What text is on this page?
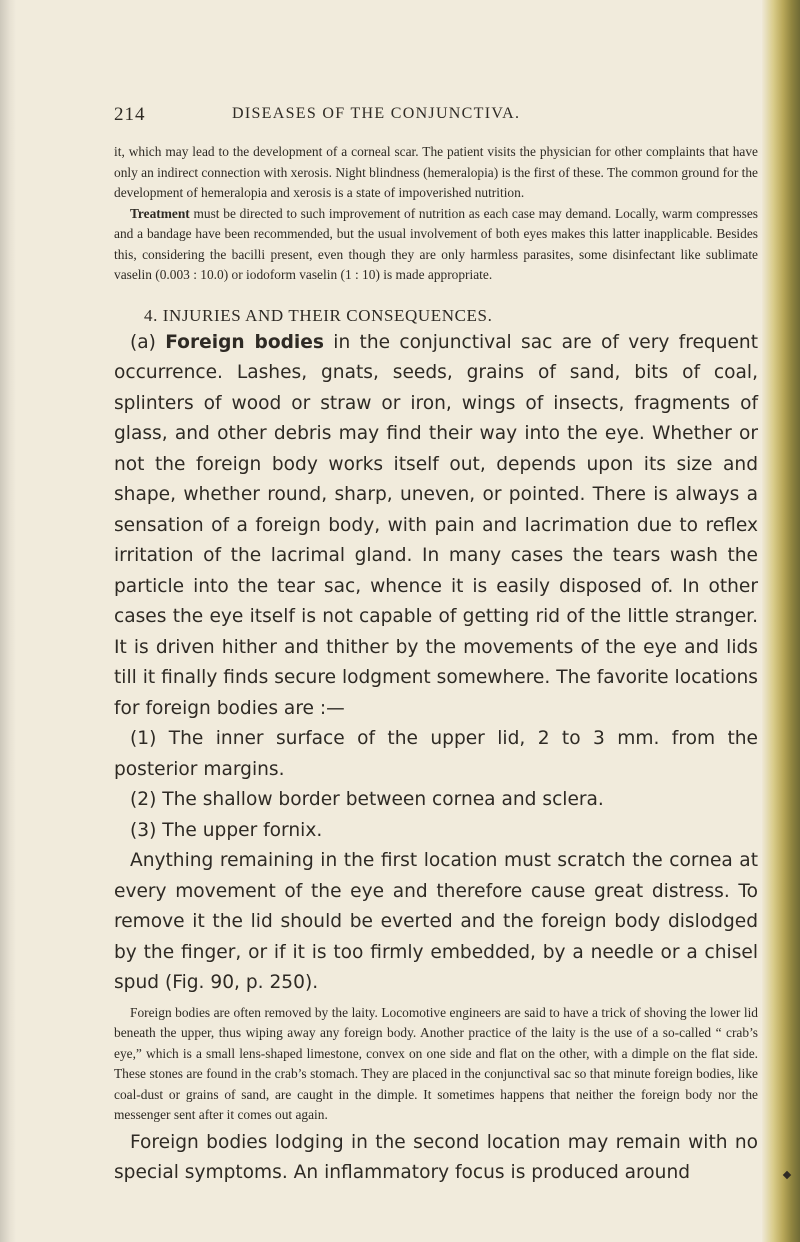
214	DISEASES OF THE CONJUNCTIVA.

it, which may lead to the development of a corneal scar. The patient visits the physician for other complaints that have only an indirect connection with xerosis. Night blindness (hemeralopia) is the first of these. The common ground for the development of hemeralopia and xerosis is a state of impoverished nutrition.

Treatment must be directed to such improvement of nutrition as each case may demand. Locally, warm compresses and a bandage have been recommended, but the usual involvement of both eyes makes this latter inapplicable. Besides this, considering the bacilli present, even though they are only harmless parasites, some disinfectant like sublimate vaselin (0.003 : 10.0) or iodoform vaselin (1 : 10) is made appropriate.

4. INJURIES AND THEIR CONSEQUENCES.

(a) Foreign bodies in the conjunctival sac are of very frequent occurrence. Lashes, gnats, seeds, grains of sand, bits of coal, splinters of wood or straw or iron, wings of insects, fragments of glass, and other debris may find their way into the eye. Whether or not the foreign body works itself out, depends upon its size and shape, whether round, sharp, uneven, or pointed. There is always a sensation of a foreign body, with pain and lacrimation due to reflex irritation of the lacrimal gland. In many cases the tears wash the particle into the tear sac, whence it is easily disposed of. In other cases the eye itself is not capable of getting rid of the little stranger. It is driven hither and thither by the movements of the eye and lids till it finally finds secure lodgment somewhere. The favorite locations for foreign bodies are :—

(1) The inner surface of the upper lid, 2 to 3 mm. from the posterior margins.

(2) The shallow border between cornea and sclera.

(3) The upper fornix.

Anything remaining in the first location must scratch the cornea at every movement of the eye and therefore cause great distress. To remove it the lid should be everted and the foreign body dislodged by the finger, or if it is too firmly embedded, by a needle or a chisel spud (Fig. 90, p. 250).

Foreign bodies are often removed by the laity. Locomotive engineers are said to have a trick of shoving the lower lid beneath the upper, thus wiping away any foreign body. Another practice of the laity is the use of a so-called “ crab’s eye,” which is a small lens-shaped limestone, convex on one side and flat on the other, with a dimple on the flat side. These stones are found in the crab’s stomach. They are placed in the conjunctival sac so that minute foreign bodies, like coal-dust or grains of sand, are caught in the dimple. It sometimes happens that neither the foreign body nor the messenger sent after it comes out again.

Foreign bodies lodging in the second location may remain with no special symptoms. An inflammatory focus is produced around
